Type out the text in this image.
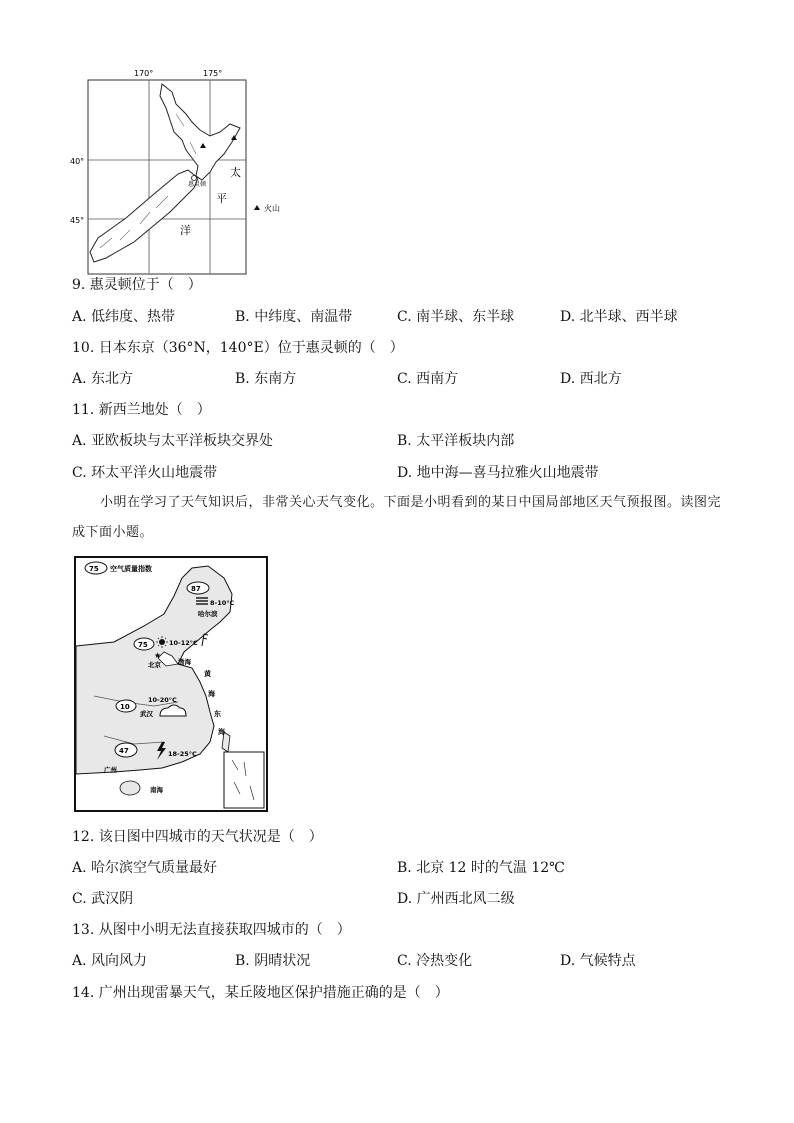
170°	175°
40°
45°
惠灵顿
太
平
洋
火山
9. 惠灵顿位于（　）
A. 低纬度、热带	B. 中纬度、南温带	C. 南半球、东半球	D. 北半球、西半球
10. 日本东京（36°N，140°E）位于惠灵顿的（　）
A. 东北方	B. 东南方	C. 西南方	D. 西北方
11. 新西兰地处（　）
A. 亚欧板块与太平洋板块交界处	B. 太平洋板块内部
C. 环太平洋火山地震带	D. 地中海—喜马拉雅火山地震带
小明在学习了天气知识后，非常关心天气变化。下面是小明看到的某日中国局部地区天气预报图。读图完成下面小题。
75 空气质量指数
87
8-10°C
哈尔滨
75	10-12°C
★
北京	渤海
黄
海
东
海
10-20°C
10
武汉
47	18-25°C
广州
南海
12. 该日图中四城市的天气状况是（　）
A. 哈尔滨空气质量最好	B. 北京 12 时的气温 12℃
C. 武汉阴	D. 广州西北风二级
13. 从图中小明无法直接获取四城市的（　）
A. 风向风力	B. 阴晴状况	C. 冷热变化	D. 气候特点
14. 广州出现雷暴天气，某丘陵地区保护措施正确的是（　）
